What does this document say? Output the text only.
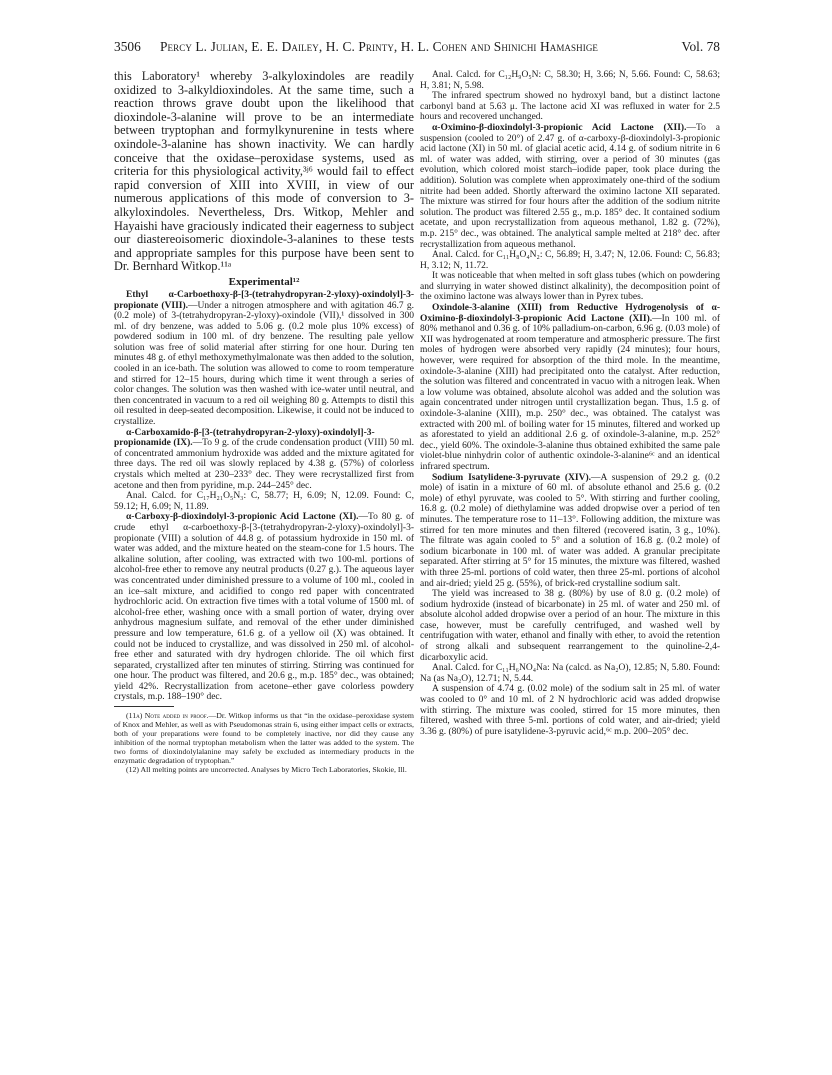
3506 Percy L. Julian, E. E. Dailey, H. C. Printy, H. L. Cohen and Shinichi Hamashige	Vol. 78

this Laboratory¹ whereby 3-alkyloxindoles are readily oxidized to 3-alkyldioxindoles. At the same time, such a reaction throws grave doubt upon the likelihood that dioxindole-3-alanine will prove to be an intermediate between tryptophan and formylkynurenine in tests where oxindole-3-alanine has shown inactivity. We can hardly conceive that the oxidase–peroxidase systems, used as criteria for this physiological activity,³ʲ⁶ would fail to effect rapid conversion of XIII into XVIII, in view of our numerous applications of this mode of conversion to 3-alkyloxindoles. Nevertheless, Drs. Witkop, Mehler and Hayaishi have graciously indicated their eagerness to subject our diastereoisomeric dioxindole-3-alanines to these tests and appropriate samples for this purpose have been sent to Dr. Bernhard Witkop.¹¹ᵃ

Experimental¹²

Ethyl α-Carboethoxy-β-[3-(tetrahydropyran-2-yloxy)-oxindolyl]-3-propionate (VIII).—Under a nitrogen atmosphere and with agitation 46.7 g. (0.2 mole) of 3-(tetrahydropyran-2-yloxy)-oxindole (VII),¹ dissolved in 300 ml. of dry benzene, was added to 5.06 g. (0.2 mole plus 10% excess) of powdered sodium in 100 ml. of dry benzene. The resulting pale yellow solution was free of solid material after stirring for one hour. During ten minutes 48 g. of ethyl methoxymethylmalonate was then added to the solution, cooled in an ice-bath. The solution was allowed to come to room temperature and stirred for 12–15 hours, during which time it went through a series of color changes. The solution was then washed with ice-water until neutral, and then concentrated in vacuum to a red oil weighing 80 g. Attempts to distil this oil resulted in deep-seated decomposition. Likewise, it could not be induced to crystallize.

α-Carboxamido-β-[3-(tetrahydropyran-2-yloxy)-oxindolyl]-3-propionamide (IX).—To 9 g. of the crude condensation product (VIII) 50 ml. of concentrated ammonium hydroxide was added and the mixture agitated for three days. The red oil was slowly replaced by 4.38 g. (57%) of colorless crystals which melted at 230–233° dec. They were recrystallized first from acetone and then from pyridine, m.p. 244–245° dec.

Anal. Calcd. for C₁₇H₂₁O₅N₃: C, 58.77; H, 6.09; N, 12.09. Found: C, 59.12; H, 6.09; N, 11.89.

α-Carboxy-β-dioxindolyl-3-propionic Acid Lactone (XI).—To 80 g. of crude ethyl α-carboethoxy-β-[3-(tetrahydropyran-2-yloxy)-oxindolyl]-3-propionate (VIII) a solution of 44.8 g. of potassium hydroxide in 150 ml. of water was added, and the mixture heated on the steam-cone for 1.5 hours. The alkaline solution, after cooling, was extracted with two 100-ml. portions of alcohol-free ether to remove any neutral products (0.27 g.). The aqueous layer was concentrated under diminished pressure to a volume of 100 ml., cooled in an ice–salt mixture, and acidified to congo red paper with concentrated hydrochloric acid. On extraction five times with a total volume of 1500 ml. of alcohol-free ether, washing once with a small portion of water, drying over anhydrous magnesium sulfate, and removal of the ether under diminished pressure and low temperature, 61.6 g. of a yellow oil (X) was obtained. It could not be induced to crystallize, and was dissolved in 250 ml. of alcohol-free ether and saturated with dry hydrogen chloride. The oil which first separated, crystallized after ten minutes of stirring. Stirring was continued for one hour. The product was filtered, and 20.6 g., m.p. 185° dec., was obtained; yield 42%. Recrystallization from acetone–ether gave colorless powdery crystals, m.p. 188–190° dec.

(11a) Note added in proof.—Dr. Witkop informs us that “in the oxidase–peroxidase system of Knox and Mehler, as well as with Pseudomonas strain 6, using either impact cells or extracts, both of your preparations were found to be completely inactive, nor did they cause any inhibition of the normal tryptophan metabolism when the latter was added to the system. The two forms of dioxindolylalanine may safely be excluded as intermediary products in the enzymatic degradation of tryptophan.”

(12) All melting points are uncorrected. Analyses by Micro Tech Laboratories, Skokie, Ill.

Anal. Calcd. for C₁₂H₉O₅N: C, 58.30; H, 3.66; N, 5.66. Found: C, 58.63; H, 3.81; N, 5.98.

The infrared spectrum showed no hydroxyl band, but a distinct lactone carbonyl band at 5.63 μ. The lactone acid XI was refluxed in water for 2.5 hours and recovered unchanged.

α-Oximino-β-dioxindolyl-3-propionic Acid Lactone (XII).—To a suspension (cooled to 20°) of 2.47 g. of α-carboxy-β-dioxindolyl-3-propionic acid lactone (XI) in 50 ml. of glacial acetic acid, 4.14 g. of sodium nitrite in 6 ml. of water was added, with stirring, over a period of 30 minutes (gas evolution, which colored moist starch–iodide paper, took place during the addition). Solution was complete when approximately one-third of the sodium nitrite had been added. Shortly afterward the oximino lactone XII separated. The mixture was stirred for four hours after the addition of the sodium nitrite solution. The product was filtered 2.55 g., m.p. 185° dec. It contained sodium acetate, and upon recrystallization from aqueous methanol, 1.82 g. (72%), m.p. 215° dec., was obtained. The analytical sample melted at 218° dec. after recrystallization from aqueous methanol.

Anal. Calcd. for C₁₁H₈O₄N₂: C, 56.89; H, 3.47; N, 12.06. Found: C, 56.83; H, 3.12; N, 11.72.

It was noticeable that when melted in soft glass tubes (which on powdering and slurrying in water showed distinct alkalinity), the decomposition point of the oximino lactone was always lower than in Pyrex tubes.

Oxindole-3-alanine (XIII) from Reductive Hydrogenolysis of α-Oximino-β-dioxindolyl-3-propionic Acid Lactone (XII).—In 100 ml. of 80% methanol and 0.36 g. of 10% palladium-on-carbon, 6.96 g. (0.03 mole) of XII was hydrogenated at room temperature and atmospheric pressure. The first moles of hydrogen were absorbed very rapidly (24 minutes); four hours, however, were required for absorption of the third mole. In the meantime, oxindole-3-alanine (XIII) had precipitated onto the catalyst. After reduction, the solution was filtered and concentrated in vacuo with a nitrogen leak. When a low volume was obtained, absolute alcohol was added and the solution was again concentrated under nitrogen until crystallization began. Thus, 1.5 g. of oxindole-3-alanine (XIII), m.p. 250° dec., was obtained. The catalyst was extracted with 200 ml. of boiling water for 15 minutes, filtered and worked up as aforestated to yield an additional 2.6 g. of oxindole-3-alanine, m.p. 252° dec., yield 60%. The oxindole-3-alanine thus obtained exhibited the same pale violet-blue ninhydrin color of authentic oxindole-3-alanine⁶ᶜ and an identical infrared spectrum.

Sodium Isatylidene-3-pyruvate (XIV).—A suspension of 29.2 g. (0.2 mole) of isatin in a mixture of 60 ml. of absolute ethanol and 25.6 g. (0.2 mole) of ethyl pyruvate, was cooled to 5°. With stirring and further cooling, 16.8 g. (0.2 mole) of diethylamine was added dropwise over a period of ten minutes. The temperature rose to 11–13°. Following addition, the mixture was stirred for ten more minutes and then filtered (recovered isatin, 3 g., 10%). The filtrate was again cooled to 5° and a solution of 16.8 g. (0.2 mole) of sodium bicarbonate in 100 ml. of water was added. A granular precipitate separated. After stirring at 5° for 15 minutes, the mixture was filtered, washed with three 25-ml. portions of cold water, then three 25-ml. portions of alcohol and air-dried; yield 25 g. (55%), of brick-red crystalline sodium salt.

The yield was increased to 38 g. (80%) by use of 8.0 g. (0.2 mole) of sodium hydroxide (instead of bicarbonate) in 25 ml. of water and 250 ml. of absolute alcohol added dropwise over a period of an hour. The mixture in this case, however, must be carefully centrifuged, and washed well by centrifugation with water, ethanol and finally with ether, to avoid the retention of strong alkali and subsequent rearrangement to the quinoline-2,4-dicarboxylic acid.

Anal. Calcd. for C₁₁H₆NO₄Na: Na (calcd. as Na₂O), 12.85; N, 5.80. Found: Na (as Na₂O), 12.71; N, 5.44.

A suspension of 4.74 g. (0.02 mole) of the sodium salt in 25 ml. of water was cooled to 0° and 10 ml. of 2 N hydrochloric acid was added dropwise with stirring. The mixture was cooled, stirred for 15 more minutes, then filtered, washed with three 5-ml. portions of cold water, and air-dried; yield 3.36 g. (80%) of pure isatylidene-3-pyruvic acid,⁶ᶜ m.p. 200–205° dec.
